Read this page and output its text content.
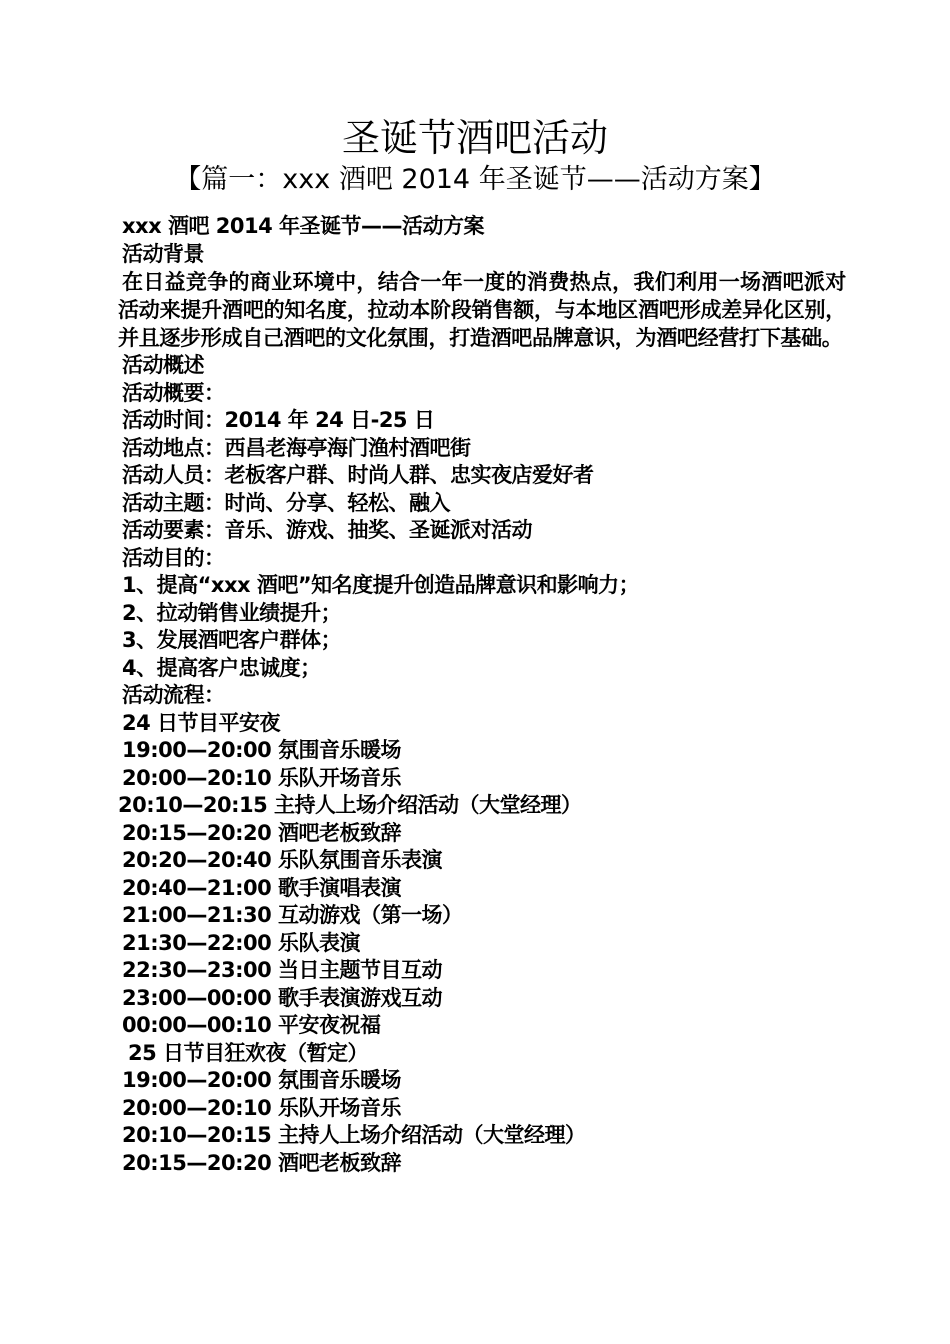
圣诞节酒吧活动
【篇一：xxx 酒吧 2014 年圣诞节——活动方案】
xxx 酒吧 2014 年圣诞节——活动方案
活动背景

在日益竞争的商业环境中，结合一年一度的消费热点，我们利用一场酒吧派对活动来提升酒吧的知名度，拉动本阶段销售额，与本地区酒吧形成差异化区别，并且逐步形成自己酒吧的文化氛围，打造酒吧品牌意识，为酒吧经营打下基础。

活动概述
活动概要：
活动时间：2014 年 24 日-25 日
活动地点：西昌老海亭海门渔村酒吧街
活动人员：老板客户群、时尚人群、忠实夜店爱好者
活动主题：时尚、分享、轻松、融入
活动要素：音乐、游戏、抽奖、圣诞派对活动
活动目的：
1、提高“xxx 酒吧”知名度提升创造品牌意识和影响力；
2、拉动销售业绩提升；
3、发展酒吧客户群体；
4、提高客户忠诚度；
活动流程：
24 日节目平安夜
19:00—20:00 氛围音乐暖场
20:00—20:10 乐队开场音乐
20:10—20:15 主持人上场介绍活动（大堂经理）
20:15—20:20 酒吧老板致辞
20:20—20:40 乐队氛围音乐表演
20:40—21:00 歌手演唱表演
21:00—21:30 互动游戏（第一场）
21:30—22:00 乐队表演
22:30—23:00 当日主题节目互动
23:00—00:00 歌手表演游戏互动
00:00—00:10 平安夜祝福
25 日节目狂欢夜（暂定）
19:00—20:00 氛围音乐暖场
20:00—20:10 乐队开场音乐
20:10—20:15 主持人上场介绍活动（大堂经理）
20:15—20:20 酒吧老板致辞
